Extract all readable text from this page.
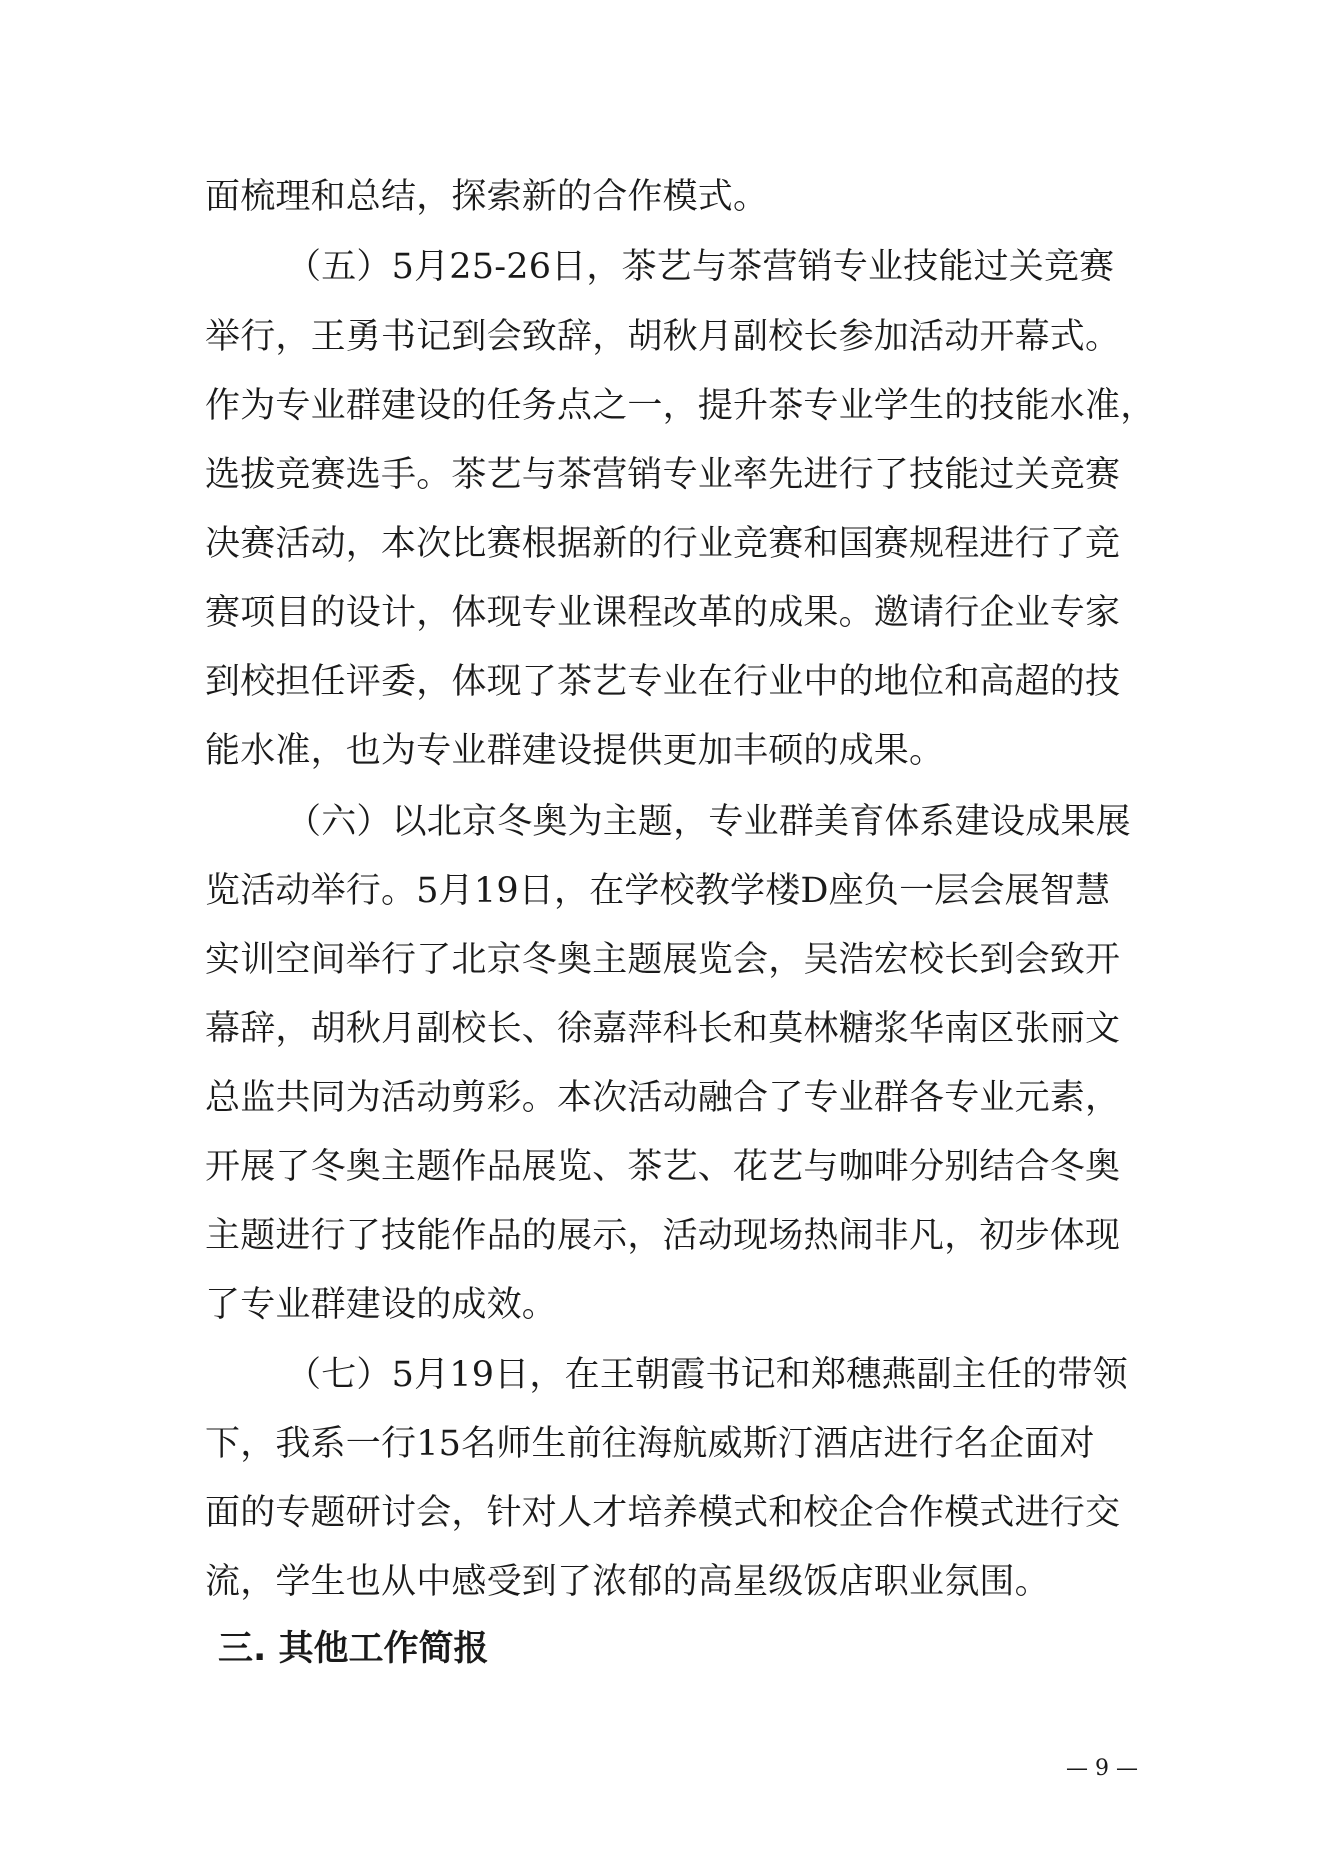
面梳理和总结，探索新的合作模式。
（五）5月25-26日，茶艺与茶营销专业技能过关竞赛
举行，王勇书记到会致辞，胡秋月副校长参加活动开幕式。
作为专业群建设的任务点之一，提升茶专业学生的技能水准，
选拔竞赛选手。茶艺与茶营销专业率先进行了技能过关竞赛
决赛活动，本次比赛根据新的行业竞赛和国赛规程进行了竞
赛项目的设计，体现专业课程改革的成果。邀请行企业专家
到校担任评委，体现了茶艺专业在行业中的地位和高超的技
能水准，也为专业群建设提供更加丰硕的成果。
（六）以北京冬奥为主题，专业群美育体系建设成果展
览活动举行。5月19日，在学校教学楼D座负一层会展智慧
实训空间举行了北京冬奥主题展览会，吴浩宏校长到会致开
幕辞，胡秋月副校长、徐嘉萍科长和莫林糖浆华南区张丽文
总监共同为活动剪彩。本次活动融合了专业群各专业元素，
开展了冬奥主题作品展览、茶艺、花艺与咖啡分别结合冬奥
主题进行了技能作品的展示，活动现场热闹非凡，初步体现
了专业群建设的成效。
（七）5月19日，在王朝霞书记和郑穗燕副主任的带领
下，我系一行15名师生前往海航威斯汀酒店进行名企面对
面的专题研讨会，针对人才培养模式和校企合作模式进行交
流，学生也从中感受到了浓郁的高星级饭店职业氛围。
三. 其他工作简报
— 9 —
